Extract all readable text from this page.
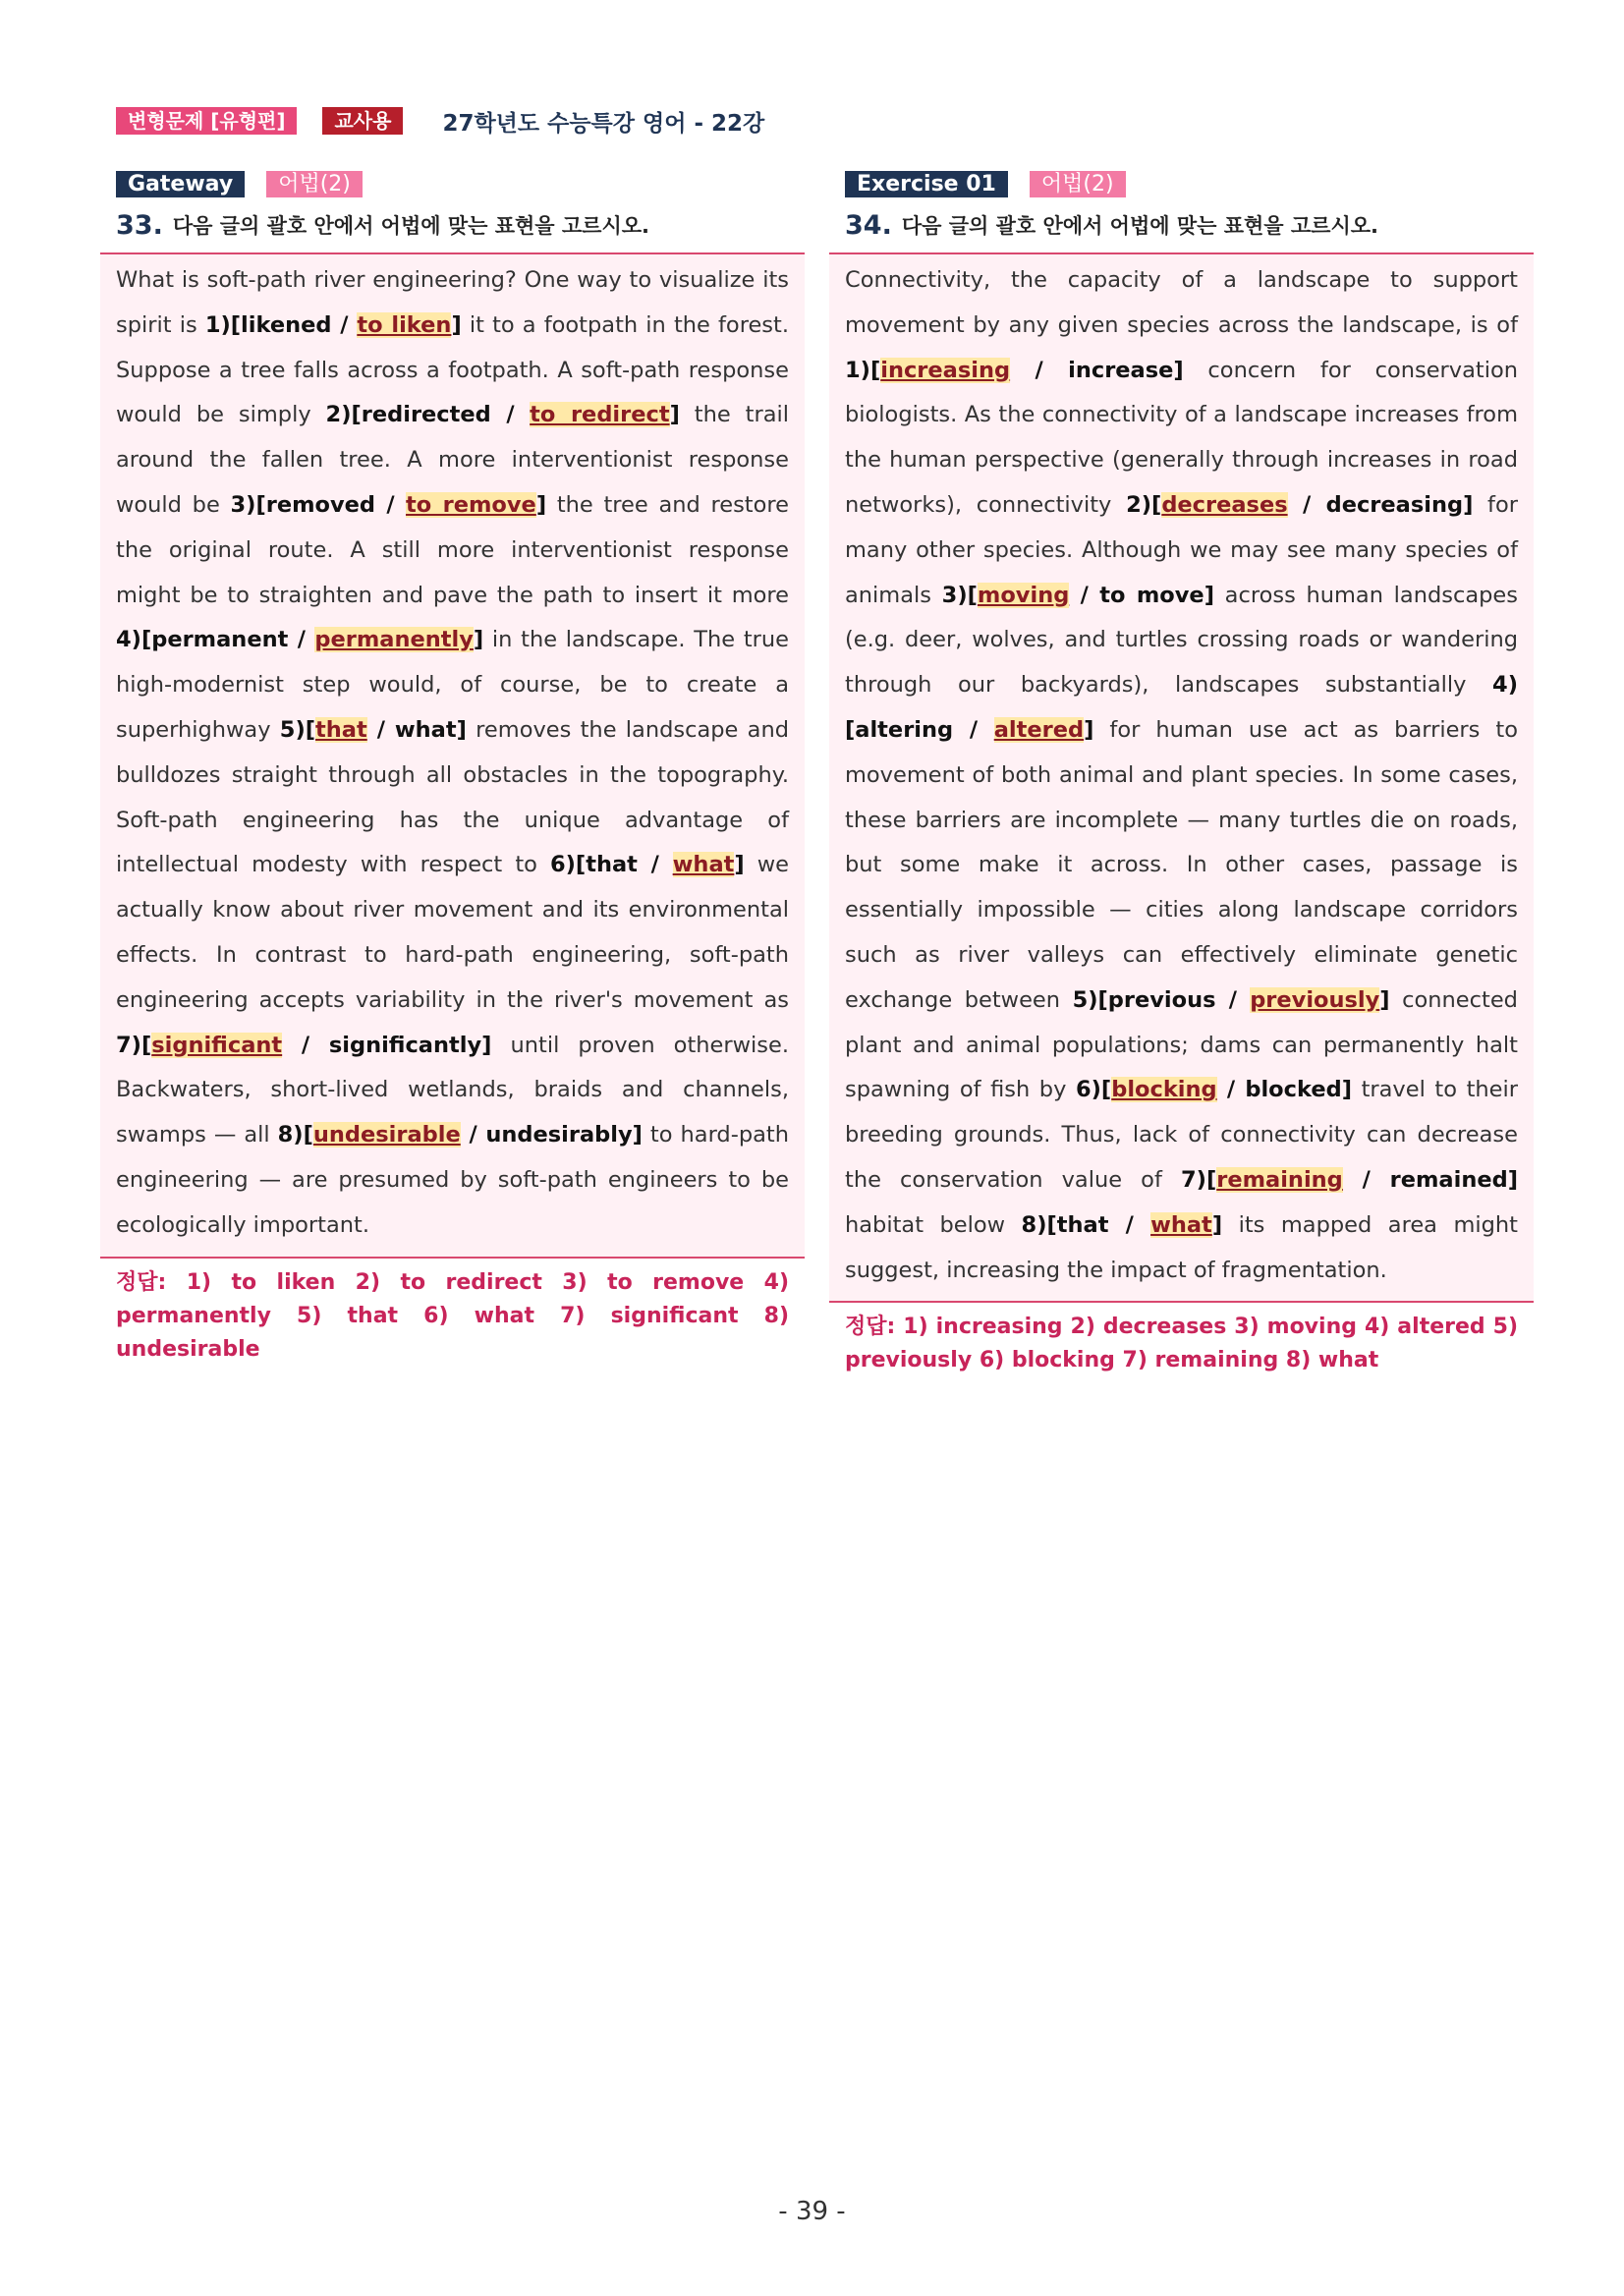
변형문제 [유형편]	교사용	27학년도 수능특강 영어 - 22강
Gateway	어법(2)
33. 다음 글의 괄호 안에서 어법에 맞는 표현을 고르시오.
What is soft-path river engineering? One way to visualize its spirit is 1)[likened / to liken] it to a footpath in the forest. Suppose a tree falls across a footpath. A soft-path response would be simply 2)[redirected / to redirect] the trail around the fallen tree. A more interventionist response would be 3)[removed / to remove] the tree and restore the original route. A still more interventionist response might be to straighten and pave the path to insert it more 4)[permanent / permanently] in the landscape. The true high-modernist step would, of course, be to create a superhighway 5)[that / what] removes the landscape and bulldozes straight through all obstacles in the topography. Soft-path engineering has the unique advantage of intellectual modesty with respect to 6)[that / what] we actually know about river movement and its environmental effects. In contrast to hard-path engineering, soft-path engineering accepts variability in the river's movement as 7)[significant / significantly] until proven otherwise. Backwaters, short-lived wetlands, braids and channels, swamps — all 8)[undesirable / undesirably] to hard-path engineering — are presumed by soft-path engineers to be ecologically important.
정답: 1) to liken 2) to redirect 3) to remove 4) permanently 5) that 6) what 7) significant 8) undesirable
Exercise 01	어법(2)
34. 다음 글의 괄호 안에서 어법에 맞는 표현을 고르시오.
Connectivity, the capacity of a landscape to support movement by any given species across the landscape, is of 1)[increasing / increase] concern for conservation biologists. As the connectivity of a landscape increases from the human perspective (generally through increases in road networks), connectivity 2)[decreases / decreasing] for many other species. Although we may see many species of animals 3)[moving / to move] across human landscapes (e.g. deer, wolves, and turtles crossing roads or wandering through our backyards), landscapes substantially 4)[altering / altered] for human use act as barriers to movement of both animal and plant species. In some cases, these barriers are incomplete — many turtles die on roads, but some make it across. In other cases, passage is essentially impossible — cities along landscape corridors such as river valleys can effectively eliminate genetic exchange between 5)[previous / previously] connected plant and animal populations; dams can permanently halt spawning of fish by 6)[blocking / blocked] travel to their breeding grounds. Thus, lack of connectivity can decrease the conservation value of 7)[remaining / remained] habitat below 8)[that / what] its mapped area might suggest, increasing the impact of fragmentation.
정답: 1) increasing 2) decreases 3) moving 4) altered 5) previously 6) blocking 7) remaining 8) what
- 39 -
